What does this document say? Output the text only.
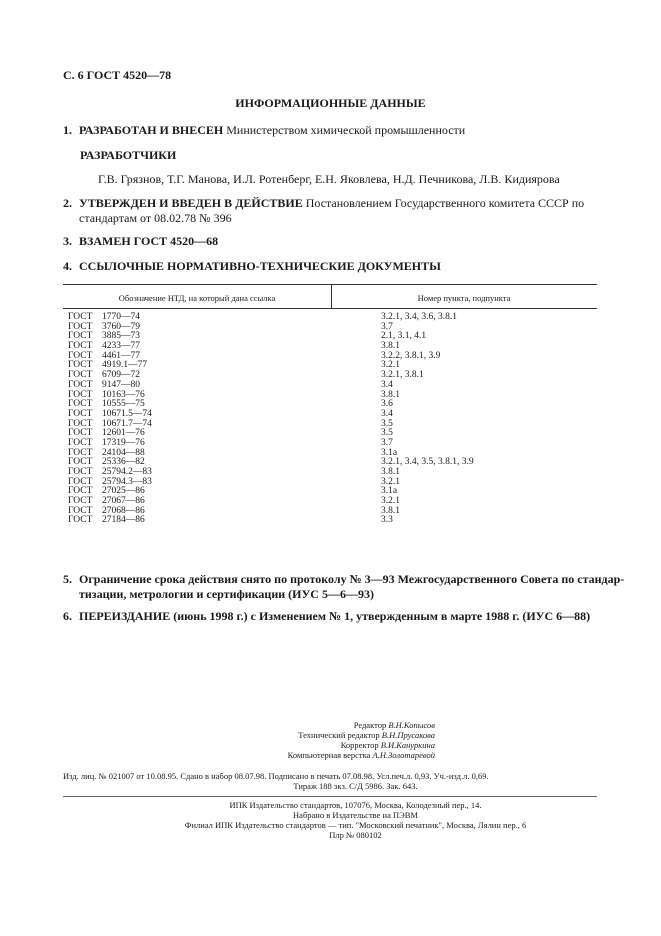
С. 6 ГОСТ 4520—78
ИНФОРМАЦИОННЫЕ ДАННЫЕ
1. РАЗРАБОТАН И ВНЕСЕН Министерством химической промышленности
РАЗРАБОТЧИКИ
Г.В. Грязнов, Т.Г. Манова, И.Л. Ротенберг, Е.Н. Яковлева, Н.Д. Печникова, Л.В. Кидиярова
2. УТВЕРЖДЕН И ВВЕДЕН В ДЕЙСТВИЕ Постановлением Государственного комитета СССР по
стандартам от 08.02.78 № 396
3. ВЗАМЕН ГОСТ 4520—68
4. ССЫЛОЧНЫЕ НОРМАТИВНО-ТЕХНИЧЕСКИЕ ДОКУМЕНТЫ
Обозначение НТД, на который дана ссылка	Номер пункта, подпункта
ГОСТ 1770—74
ГОСТ 3760—79
ГОСТ 3885—73
ГОСТ 4233—77
ГОСТ 4461—77
ГОСТ 4919.1—77
ГОСТ 6709—72
ГОСТ 9147—80
ГОСТ 10163—76
ГОСТ 10555—75
ГОСТ 10671.5—74
ГОСТ 10671.7—74
ГОСТ 12601—76
ГОСТ 17319—76
ГОСТ 24104—88
ГОСТ 25336—82
ГОСТ 25794.2—83
ГОСТ 25794.3—83
ГОСТ 27025—86
ГОСТ 27067—86
ГОСТ 27068—86
ГОСТ 27184—86
3.2.1, 3.4, 3.6, 3.8.1
3.7
2.1, 3.1, 4.1
3.8.1
3.2.2, 3.8.1, 3.9
3.2.1
3.2.1, 3.8.1
3.4
3.8.1
3.6
3.4
3.5
3.5
3.7
3.1а
3.2.1, 3.4, 3.5, 3.8.1, 3.9
3.8.1
3.2.1
3.1а
3.2.1
3.8.1
3.3
5. Ограничение срока действия снято по протоколу № 3—93 Межгосударственного Совета по стандар-
тизации, метрологии и сертификации (ИУС 5—6—93)
6. ПЕРЕИЗДАНИЕ (июнь 1998 г.) с Изменением № 1, утвержденным в марте 1988 г. (ИУС 6—88)
Редактор В.Н.Копысов
Технический редактор В.Н.Прусакова
Корректор В.И.Кануркина
Компьютерная верстка А.Н.Золотаревой
Изд. лиц. № 021007 от 10.08.95. Сдано в набор 08.07.98. Подписано в печать 07.08.98. Усл.печ.л. 0,93. Уч.-изд.л. 0,69.
Тираж 188 экз. С/Д 5986. Зак. 643.
ИПК Издательство стандартов, 107076, Москва, Колодезный пер., 14.
Набрано в Издательстве на ПЭВМ
Филиал ИПК Издательство стандартов — тип. "Московский печатник", Москва, Лялин пер., 6
Плр № 080102
